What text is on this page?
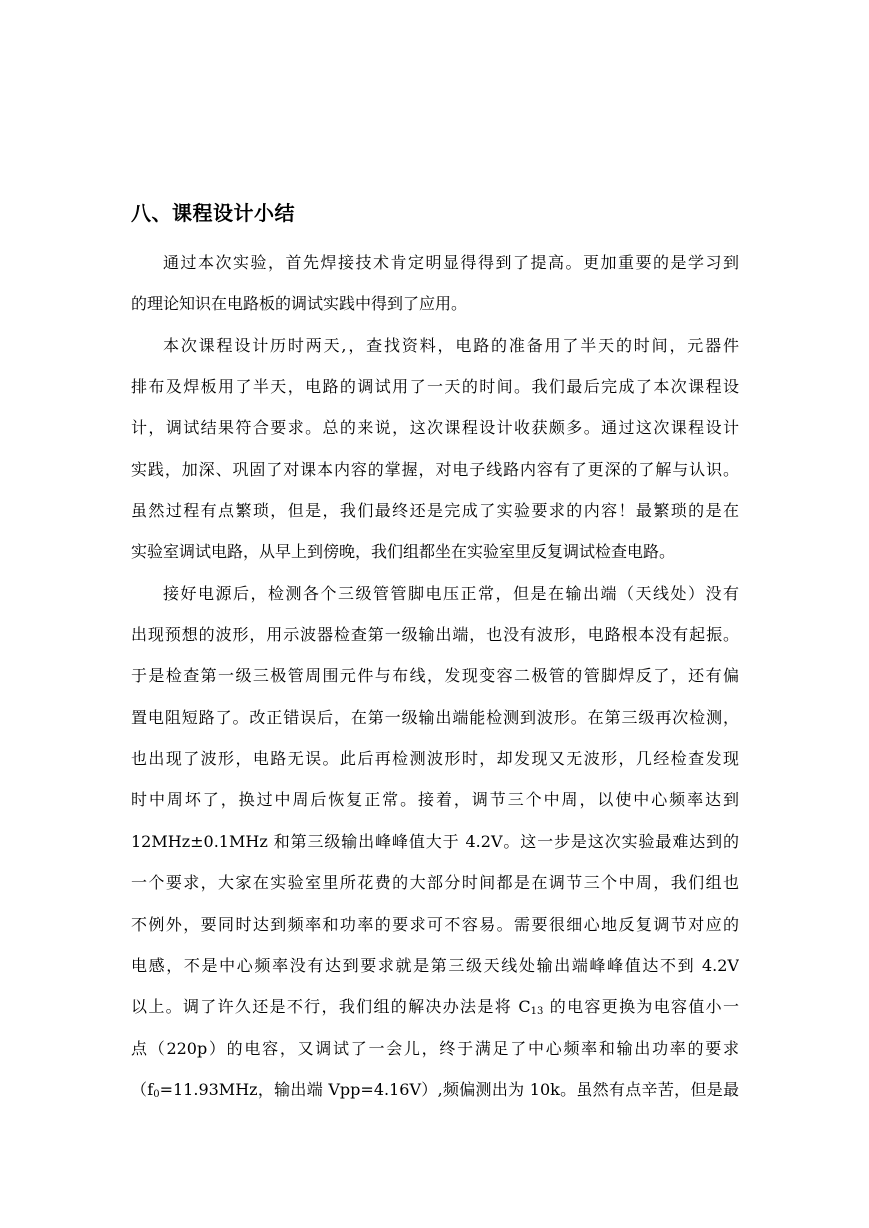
八、课程设计小结
通过本次实验，首先焊接技术肯定明显得得到了提高。更加重要的是学习到
的理论知识在电路板的调试实践中得到了应用。
本次课程设计历时两天,，查找资料，电路的准备用了半天的时间，元器件
排布及焊板用了半天，电路的调试用了一天的时间。我们最后完成了本次课程设
计，调试结果符合要求。总的来说，这次课程设计收获颇多。通过这次课程设计
实践，加深、巩固了对课本内容的掌握，对电子线路内容有了更深的了解与认识。
虽然过程有点繁琐，但是，我们最终还是完成了实验要求的内容！最繁琐的是在
实验室调试电路，从早上到傍晚，我们组都坐在实验室里反复调试检查电路。
接好电源后，检测各个三级管管脚电压正常，但是在输出端（天线处）没有
出现预想的波形，用示波器检查第一级输出端，也没有波形，电路根本没有起振。
于是检查第一级三极管周围元件与布线，发现变容二极管的管脚焊反了，还有偏
置电阻短路了。改正错误后，在第一级输出端能检测到波形。在第三级再次检测，
也出现了波形，电路无误。此后再检测波形时，却发现又无波形，几经检查发现
时中周坏了，换过中周后恢复正常。接着，调节三个中周，以使中心频率达到
12MHz±0.1MHz 和第三级输出峰峰值大于 4.2V。这一步是这次实验最难达到的
一个要求，大家在实验室里所花费的大部分时间都是在调节三个中周，我们组也
不例外，要同时达到频率和功率的要求可不容易。需要很细心地反复调节对应的
电感，不是中心频率没有达到要求就是第三级天线处输出端峰峰值达不到 4.2V
以上。调了许久还是不行，我们组的解决办法是将 $C_{13}$ 的电容更换为电容值小一
点（220p）的电容，又调试了一会儿，终于满足了中心频率和输出功率的要求
（$f_0=11.93MHz$，输出端 Vpp=4.16V）,频偏测出为 10k。虽然有点辛苦，但是最
